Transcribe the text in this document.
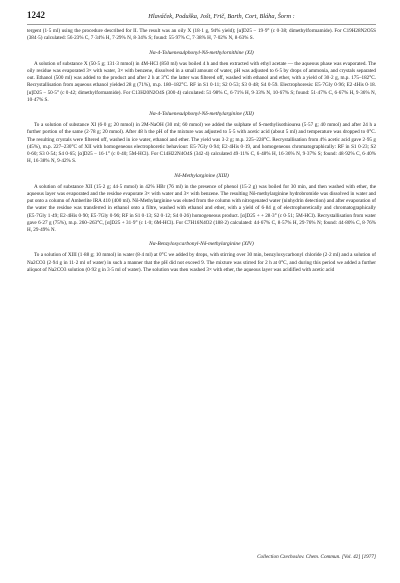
1242	Hlaváček, Poduška, Jošt, Frič, Barth, Cort, Bláha, Šorm :

tergent (1·5 ml) using the procedure described for II. The result was an oily X (18·1 g, 94% yield); [α]D25 − 19·9° (c 0·38; dimethylformamide). For C19H28N2O5S (384·5) calculated: 56·23% C, 7·34% H, 7·29% N, 8·34% S; found: 55·97% C, 7·38% H, 7·02% N, 8·63% S.

Nα-4-Toluenesulphonyl-Nδ-methylornithine (XI)

A solution of substance X (50·5 g; 131·3 mmol) in 4M-HCl (850 ml) was boiled 4 h and then extracted with ethyl acetate — the aqueous phase was evaporated. The oily residue was evaporated 3× with water, 3× with benzene, dissolved in a small amount of water, pH was adjusted to 6·5 by drops of ammonia, and crystals separated out. Ethanol (500 ml) was added to the product and after 2 h at 3°C the latter was filtered off, washed with ethanol and ether, with a yield of 30·2 g, m.p. 175–182°C. Recrystallisation from aqueous ethanol yielded 28 g (71%), m.p. 180–182°C. RF in S1 0·11; S2 0·53; S3 0·48; S4 0·59. Electrophoresis: E5·7Gly 0·96; E2·4His 0·18. [α]D25 − 50·5° (c 0·42; dimethylformamide). For C13H20N2O4S (300·4) calculated: 51·98% C, 6·71% H, 9·33% N, 10·67% S; found: 51·47% C, 6·67% H, 9·36% N, 10·47% S.

Nα-4-Toluenesulphonyl-Nδ-methylarginine (XII)

To a solution of substance XI (6·0 g; 20 mmol) in 2M-NaOH (30 ml; 60 mmol) we added the sulphate of S-methylisothiourea (5·57 g; 40 mmol) and after 24 h a further portion of the same (2·78 g; 20 mmol). After 48 h the pH of the mixture was adjusted to 5·5 with acetic acid (about 5 ml) and temperature was dropped to 0°C. The resulting crystals were filtered off, washed in ice water, ethanol and ether. The yield was 3·2 g; m.p. 225–228°C. Recrystallisation from 4% acetic acid gave 2·95 g (45%), m.p. 227–230°C of XII with homogeneous electrophoretic behaviour: E5·7Gly 0·94; E2·4His 0·19, and homogeneous chromatographically: RF in S1 0·23; S2 0·60; S3 0·54; S4 0·65; [α]D25 − 16·1° (c 0·40; 5M-HCl). For C14H22N4O4S (342·4) calculated 49·11% C, 6·48% H, 16·36% N, 9·37% S; found: 48·92% C, 6·40% H, 16·38% N, 9·42% S.

Nδ-Methylarginine (XIII)

A solution of substance XII (15·2 g; 44·5 mmol) in 42% HBr (76 ml) in the presence of phenol (15·2 g) was boiled for 30 min, and then washed with ether, the aqueous layer was evaporated and the residue evaporate 3× with water and 3× with benzene. The resulting Nδ-methylarginine hydrobromide was dissolved in water and put onto a column of Amberlite IRA 410 (400 ml). Nδ-Methylarginine was eluted from the column with nitrogenated water (ninhydrin detection) and after evaporation of the water the residue was transferred in ethanol onto a filtre, washed with ethanol and ether, with a yield of 6·84 g of electrophoretically and chromatographically (E5·7Gly 1·49; E2·4His 0·90; E5·7Gly 0·96; RF in S1 0·13; S2 0·12; S4 0·26) homogeneous product. [α]D25 + + 28·3° (c 0·51; 5M-HCl). Recrystallisation from water gave 6·27 g (75%), m.p. 260–263°C, [α]D25 + 31·9° (c 1·0; 6M-HCl). For C7H16N4O2 (188·2) calculated: 44·67% C, 8·57% H, 29·76% N; found: 44·80% C, 8·76% H, 29·49% N.

Nα-Benzyloxycarbonyl-Nδ-methylarginine (XIV)

To a solution of XIII (1·88 g; 10 mmol) in water (8·4 ml) at 0°C we added by drops, with stirring over 30 min, benzyloxycarbonyl chloride (2·2 ml) and a solution of Na2CO3 (2·94 g in 11·2 ml of water) in such a manner that the pH did not exceed 9. The mixture was stirred for 2 h at 0°C, and during this period we added a further aliquot of Na2CO3 solution (0·92 g in 3·5 ml of water). The solution was then washed 3× with ether, the aqueous layer was acidified with acetic acid

Collection Czechoslov. Chem. Commun. [Vol. 42] [1977]
